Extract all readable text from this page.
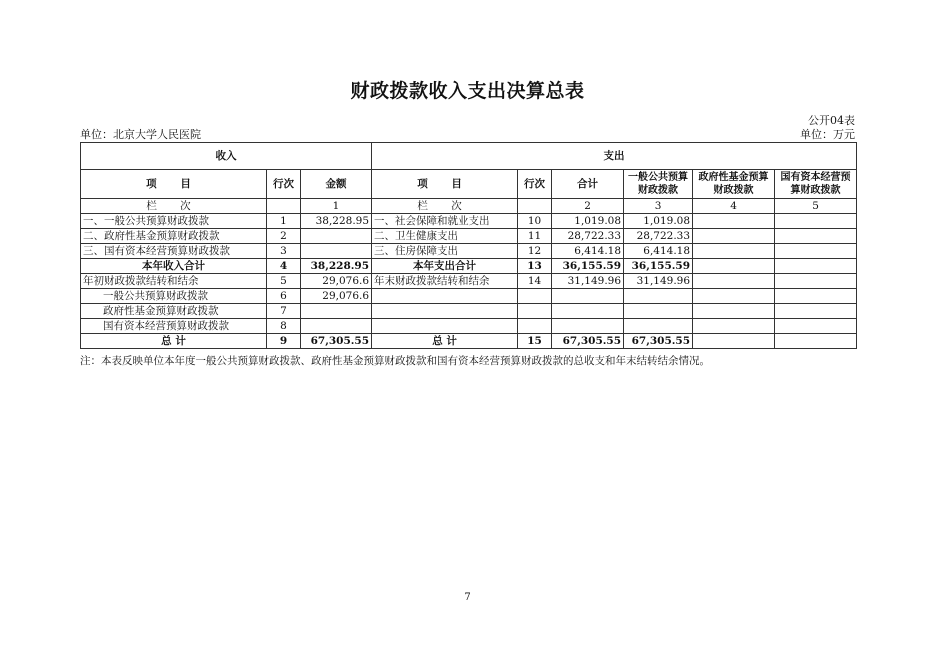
财政拨款收入支出决算总表
公开04表
单位：北京大学人民医院	单位：万元
收入			支出					
项 目	行次	金额	项 目	行次	合计	一般公共预算财政拨款	政府性基金预算财政拨款	国有资本经营预算财政拨款
栏 次		1	栏 次		2	3	4	5
一、一般公共预算财政拨款	1	38,228.95	一、社会保障和就业支出	10	1,019.08	1,019.08		
二、政府性基金预算财政拨款	2		二、卫生健康支出	11	28,722.33	28,722.33		
三、国有资本经营预算财政拨款	3		三、住房保障支出	12	6,414.18	6,414.18		
本年收入合计	4	38,228.95	本年支出合计	13	36,155.59	36,155.59		
年初财政拨款结转和结余	5	29,076.6	年末财政拨款结转和结余	14	31,149.96	31,149.96		
一般公共预算财政拨款	6	29,076.6						
政府性基金预算财政拨款	7							
国有资本经营预算财政拨款	8							
总 计	9	67,305.55	总 计	15	67,305.55	67,305.55		
注：本表反映单位本年度一般公共预算财政拨款、政府性基金预算财政拨款和国有资本经营预算财政拨款的总收支和年末结转结余情况。
7
